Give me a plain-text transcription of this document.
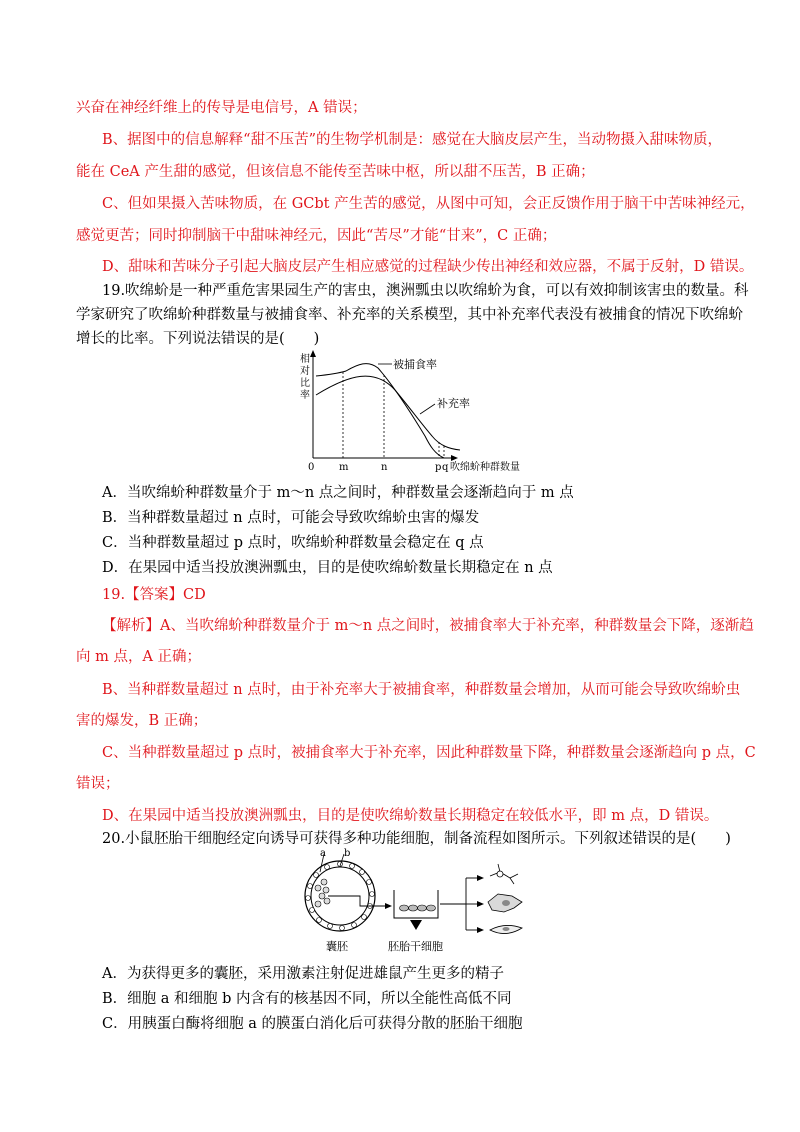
兴奋在神经纤维上的传导是电信号，A 错误；
B、据图中的信息解释“甜不压苦”的生物学机制是：感觉在大脑皮层产生，当动物摄入甜味物质，
能在 CeA 产生甜的感觉，但该信息不能传至苦味中枢，所以甜不压苦，B 正确；
C、但如果摄入苦味物质，在 GCbt 产生苦的感觉，从图中可知，会正反馈作用于脑干中苦味神经元，
感觉更苦；同时抑制脑干中甜味神经元，因此“苦尽”才能“甘来”，C 正确；
D、甜味和苦味分子引起大脑皮层产生相应感觉的过程缺少传出神经和效应器，不属于反射，D 错误。
19.吹绵蚧是一种严重危害果园生产的害虫，澳洲瓢虫以吹绵蚧为食，可以有效抑制该害虫的数量。科
学家研究了吹绵蚧种群数量与被捕食率、补充率的关系模型，其中补充率代表没有被捕食的情况下吹绵蚧
增长的比率。下列说法错误的是(　　)
相
对
比
率
被捕食率
补充率
0 m	n	p q 吹绵蚧种群数量
A．当吹绵蚧种群数量介于 m～n 点之间时，种群数量会逐渐趋向于 m 点
B．当种群数量超过 n 点时，可能会导致吹绵蚧虫害的爆发
C．当种群数量超过 p 点时，吹绵蚧种群数量会稳定在 q 点
D．在果园中适当投放澳洲瓢虫，目的是使吹绵蚧数量长期稳定在 n 点
19.【答案】CD
【解析】A、当吹绵蚧种群数量介于 m～n 点之间时，被捕食率大于补充率，种群数量会下降，逐渐趋
向 m 点，A 正确；
B、当种群数量超过 n 点时，由于补充率大于被捕食率，种群数量会增加，从而可能会导致吹绵蚧虫
害的爆发，B 正确；
C、当种群数量超过 p 点时，被捕食率大于补充率，因此种群数量下降，种群数量会逐渐趋向 p 点，C
错误；
D、在果园中适当投放澳洲瓢虫，目的是使吹绵蚧数量长期稳定在较低水平，即 m 点，D 错误。
20.小鼠胚胎干细胞经定向诱导可获得多种功能细胞，制备流程如图所示。下列叙述错误的是(　　)
a b
囊胚	胚胎干细胞
A．为获得更多的囊胚，采用激素注射促进雄鼠产生更多的精子
B．细胞 a 和细胞 b 内含有的核基因不同，所以全能性高低不同
C．用胰蛋白酶将细胞 a 的膜蛋白消化后可获得分散的胚胎干细胞
